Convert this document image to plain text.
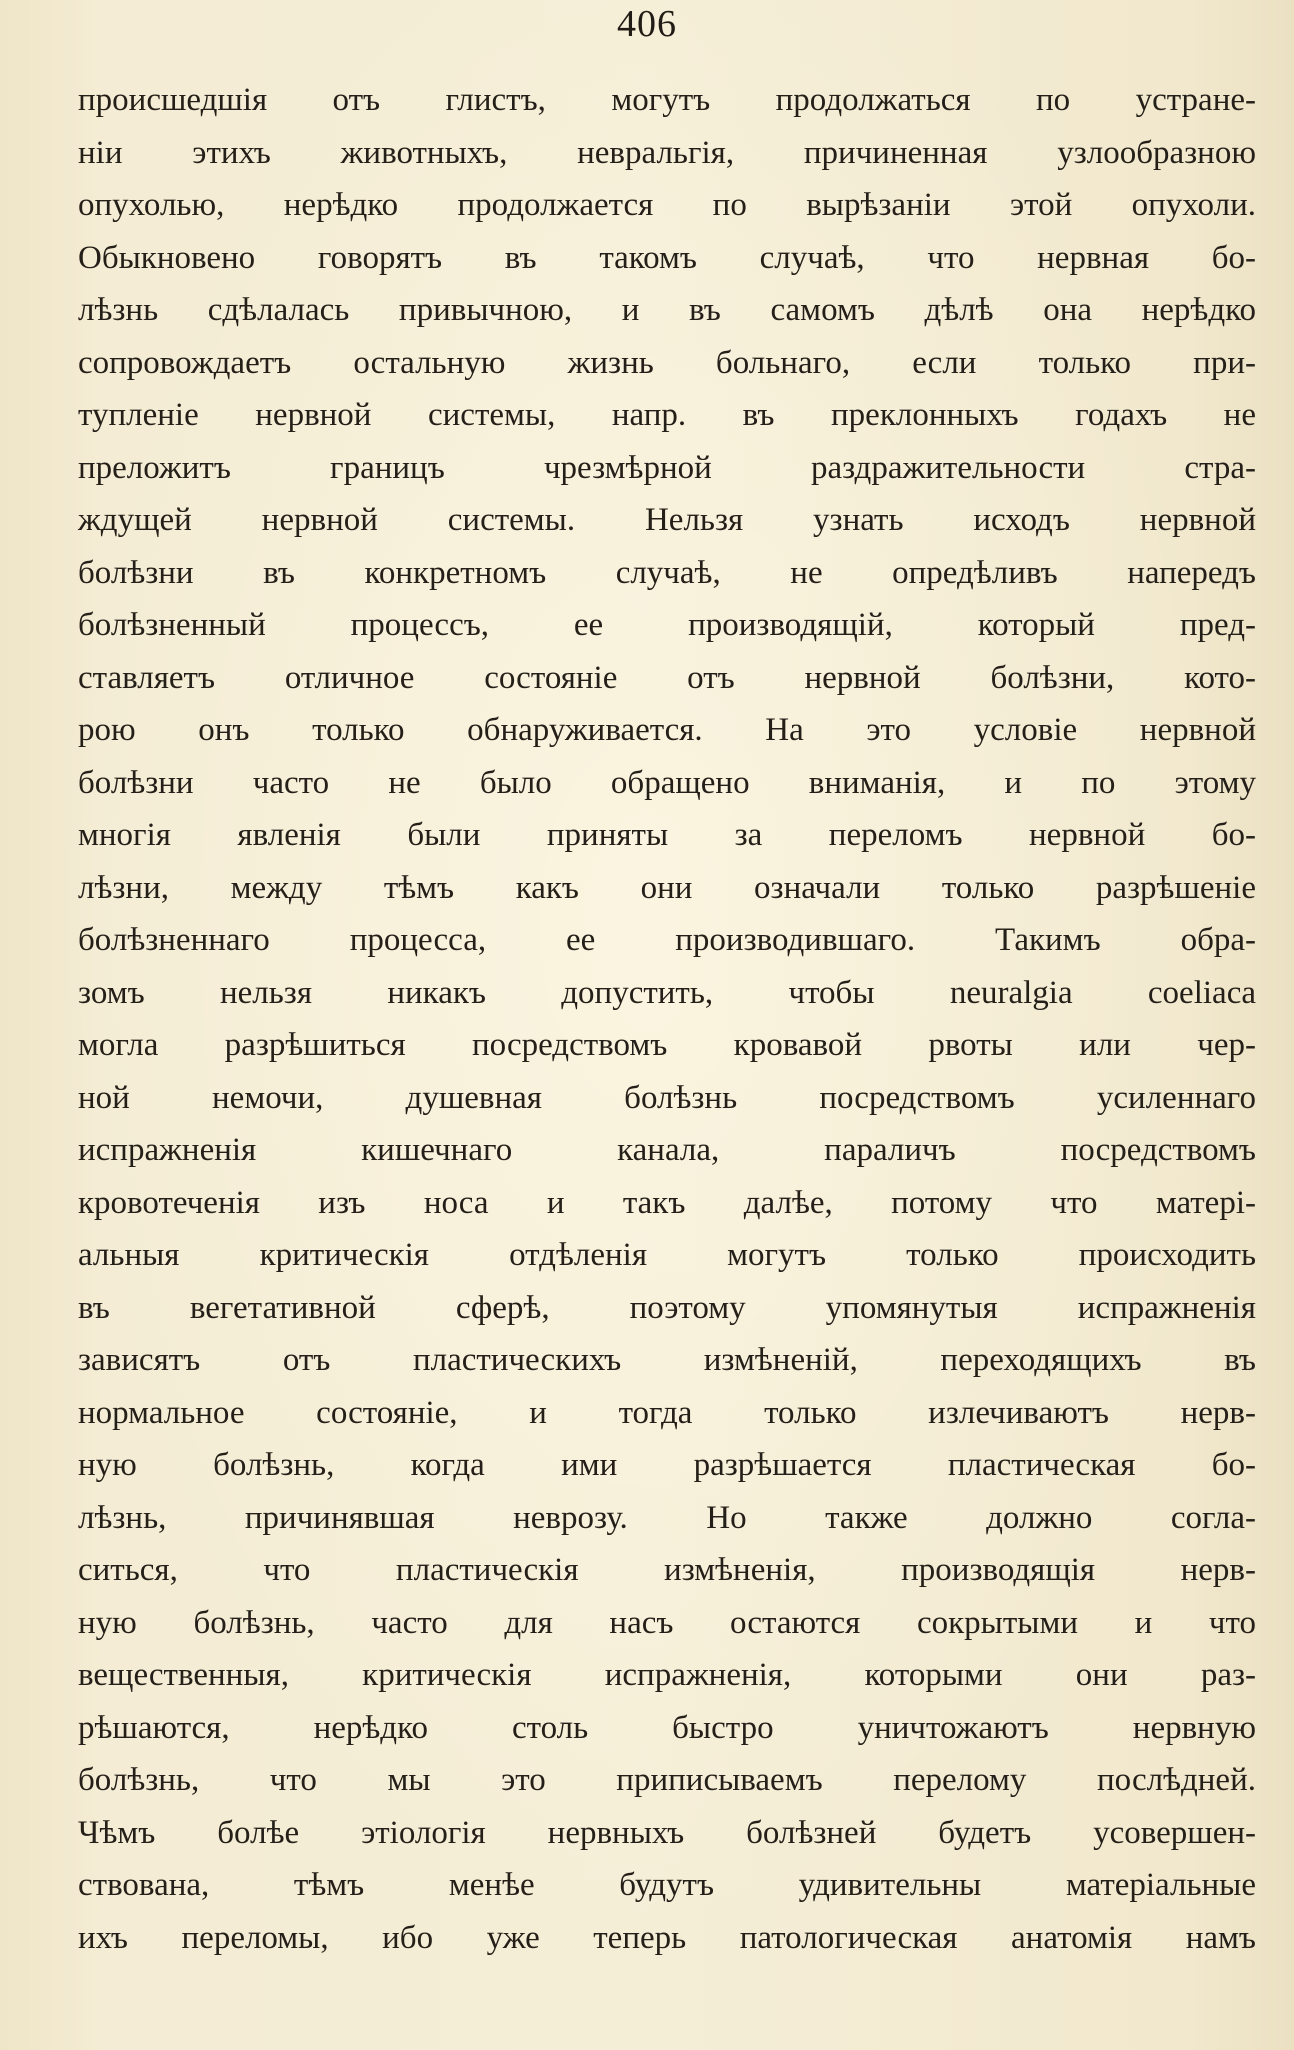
406
происшедшія отъ глистъ, могутъ продолжаться по устране-
ніи этихъ животныхъ, невральгія, причиненная узлообразною
опухолью, нерѣдко продолжается по вырѣзаніи этой опухоли.
Обыкновено говорятъ въ такомъ случаѣ, что нервная бо-
лѣзнь сдѣлалась привычною, и въ самомъ дѣлѣ она нерѣдко
сопровождаетъ остальную жизнь больнаго, если только при-
тупленіе нервной системы, напр. въ преклонныхъ годахъ не
преложитъ границъ чрезмѣрной раздражительности стра-
ждущей нервной системы. Нельзя узнать исходъ нервной
болѣзни въ конкретномъ случаѣ, не опредѣливъ напередъ
болѣзненный процессъ, ее производящій, который пред-
ставляетъ отличное состояніе отъ нервной болѣзни, кото-
рою онъ только обнаруживается. На это условіе нервной
болѣзни часто не было обращено вниманія, и по этому
многія явленія были приняты за переломъ нервной бо-
лѣзни, между тѣмъ какъ они означали только разрѣшеніе
болѣзненнаго процесса, ее производившаго. Такимъ обра-
зомъ нельзя никакъ допустить, чтобы neuralgia coeliaca
могла разрѣшиться посредствомъ кровавой рвоты или чер-
ной немочи, душевная болѣзнь посредствомъ усиленнаго
испражненія кишечнаго канала, параличъ посредствомъ
кровотеченія изъ носа и такъ далѣе, потому что матері-
альныя критическія отдѣленія могутъ только происходить
въ вегетативной сферѣ, поэтому упомянутыя испражненія
зависятъ отъ пластическихъ измѣненій, переходящихъ въ
нормальное состояніе, и тогда только излечиваютъ нерв-
ную болѣзнь, когда ими разрѣшается пластическая бо-
лѣзнь, причинявшая неврозу. Но также должно согла-
ситься, что пластическія измѣненія, производящія нерв-
ную болѣзнь, часто для насъ остаются сокрытыми и что
вещественныя, критическія испражненія, которыми они раз-
рѣшаются, нерѣдко столь быстро уничтожаютъ нервную
болѣзнь, что мы это приписываемъ перелому послѣдней.
Чѣмъ болѣе этіологія нервныхъ болѣзней будетъ усовершен-
ствована, тѣмъ менѣе будутъ удивительны матеріальные
ихъ переломы, ибо уже теперь патологическая анатомія намъ
